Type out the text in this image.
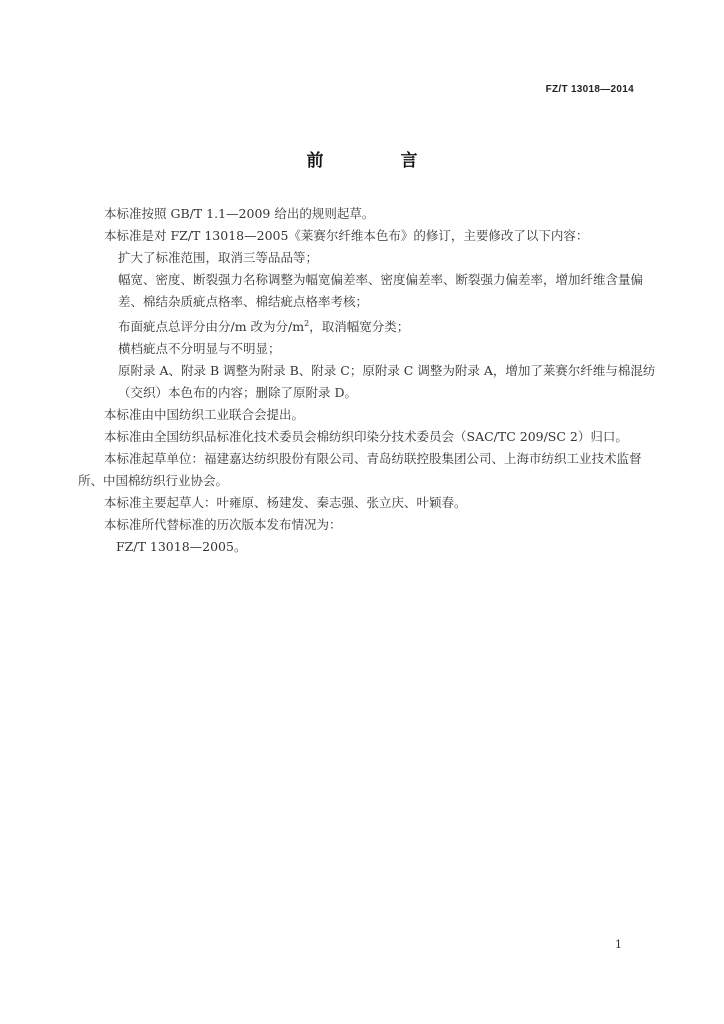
FZ/T 13018—2014
前　言

本标准按照 GB/T 1.1—2009 给出的规则起草。

本标准是对 FZ/T 13018—2005《莱赛尔纤维本色布》的修订，主要修改了以下内容：

扩大了标准范围，取消三等品品等；

幅宽、密度、断裂强力名称调整为幅宽偏差率、密度偏差率、断裂强力偏差率，增加纤维含量偏

差、棉结杂质疵点格率、棉结疵点格率考核；

布面疵点总评分由分/m 改为分$/m^2$，取消幅宽分类；

横档疵点不分明显与不明显；

原附录 A、附录 B 调整为附录 B、附录 C；原附录 C 调整为附录 A，增加了莱赛尔纤维与棉混纺

（交织）本色布的内容；删除了原附录 D。

本标准由中国纺织工业联合会提出。

本标准由全国纺织品标准化技术委员会棉纺织印染分技术委员会（SAC/TC 209/SC 2）归口。

本标准起草单位：福建嘉达纺织股份有限公司、青岛纺联控股集团公司、上海市纺织工业技术监督

所、中国棉纺织行业协会。

本标准主要起草人：叶雍原、杨建发、秦志强、张立庆、叶颖春。

本标准所代替标准的历次版本发布情况为：

FZ/T 13018—2005。

1
